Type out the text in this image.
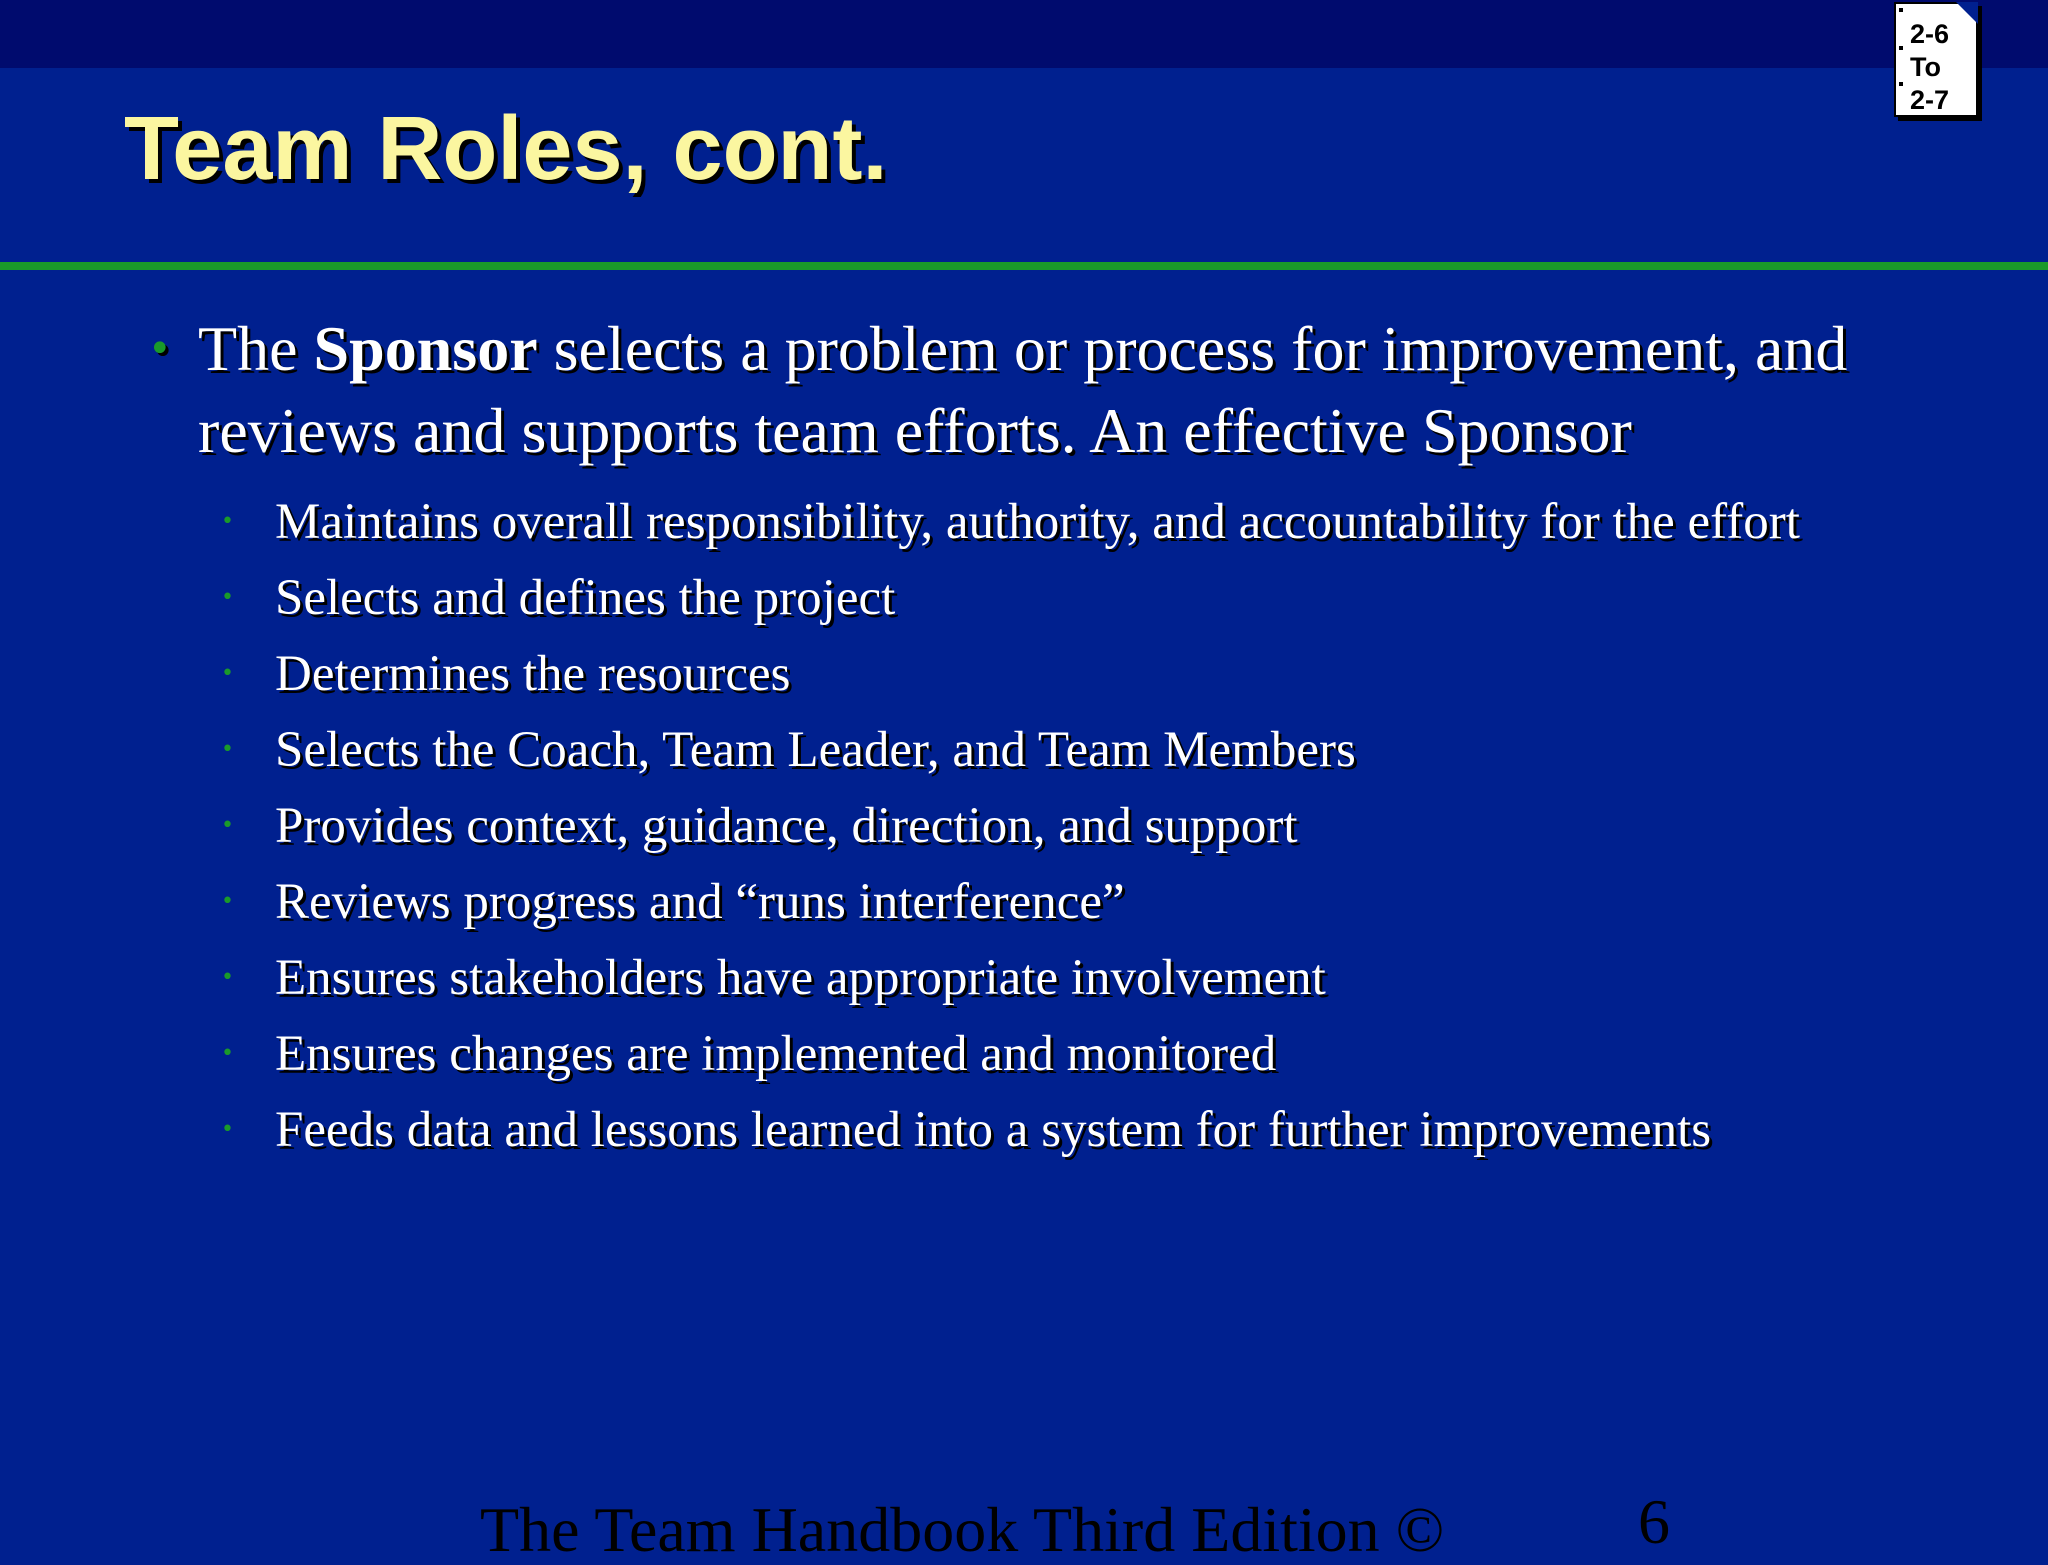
Team Roles, cont.
2-6
To
2-7
• The Sponsor selects a problem or process for improvement, and reviews and supports team efforts. An effective Sponsor
• Maintains overall responsibility, authority, and accountability for the effort
• Selects and defines the project
• Determines the resources
• Selects the Coach, Team Leader, and Team Members
• Provides context, guidance, direction, and support
• Reviews progress and “runs interference”
• Ensures stakeholders have appropriate involvement
• Ensures changes are implemented and monitored
• Feeds data and lessons learned into a system for further improvements
The Team Handbook Third Edition ©	6
